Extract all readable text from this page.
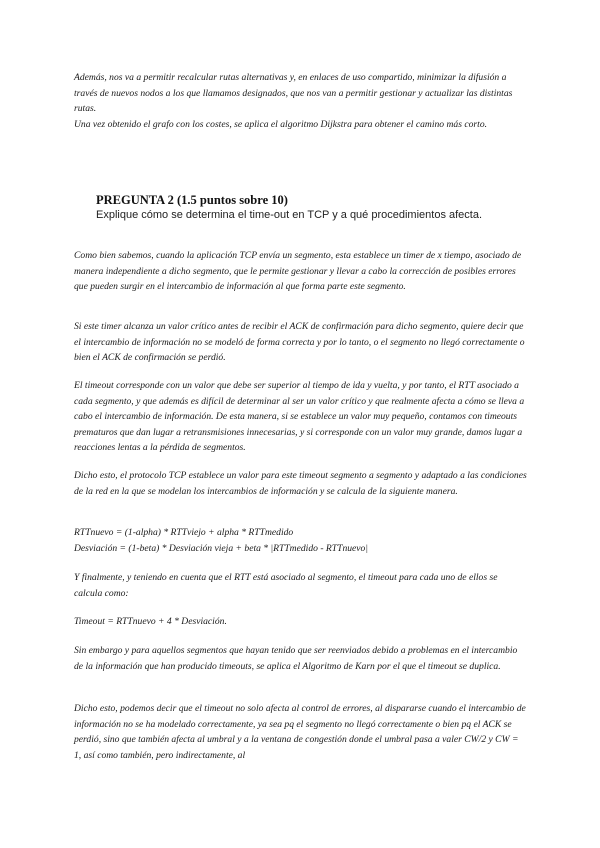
Además, nos va a permitir recalcular rutas alternativas y, en enlaces de uso compartido, minimizar la difusión a través de nuevos nodos a los que llamamos designados, que nos van a permitir gestionar y actualizar las distintas rutas.

Una vez obtenido el grafo con los costes, se aplica el algoritmo Dijkstra para obtener el camino más corto.

PREGUNTA 2 (1.5 puntos sobre 10)

Explique cómo se determina el time-out en TCP y a qué procedimientos afecta.

Como bien sabemos, cuando la aplicación TCP envía un segmento, esta establece un timer de x tiempo, asociado de manera independiente a dicho segmento, que le permite gestionar y llevar a cabo la corrección de posibles errores que pueden surgir en el intercambio de información al que forma parte este segmento.

Si este timer alcanza un valor crítico antes de recibir el ACK de confirmación para dicho segmento, quiere decir que el intercambio de información no se modeló de forma correcta y por lo tanto, o el segmento no llegó correctamente o bien el ACK de confirmación se perdió.

El timeout corresponde con un valor que debe ser superior al tiempo de ida y vuelta, y por tanto, el RTT asociado a cada segmento, y que además es difícil de determinar al ser un valor crítico y que realmente afecta a cómo se lleva a cabo el intercambio de información. De esta manera, si se establece un valor muy pequeño, contamos con timeouts prematuros que dan lugar a retransmisiones innecesarias, y si corresponde con un valor muy grande, damos lugar a reacciones lentas a la pérdida de segmentos.

Dicho esto, el protocolo TCP establece un valor para este timeout segmento a segmento y adaptado a las condiciones de la red en la que se modelan los intercambios de información y se calcula de la siguiente manera.

RTTnuevo = (1-alpha) * RTTviejo + alpha * RTTmedido
Desviación = (1-beta) * Desviación vieja + beta * |RTTmedido - RTTnuevo|

Y finalmente, y teniendo en cuenta que el RTT está asociado al segmento, el timeout para cada uno de ellos se calcula como:

Timeout = RTTnuevo + 4 * Desviación.

Sin embargo y para aquellos segmentos que hayan tenido que ser reenviados debido a problemas en el intercambio de la información que han producido timeouts, se aplica el Algoritmo de Karn por el que el timeout se duplica.

Dicho esto, podemos decir que el timeout no solo afecta al control de errores, al dispararse cuando el intercambio de información no se ha modelado correctamente, ya sea pq el segmento no llegó correctamente o bien pq el ACK se perdió, sino que también afecta al umbral y a la ventana de congestión donde el umbral pasa a valer CW/2 y CW = 1, así como también, pero indirectamente, al
